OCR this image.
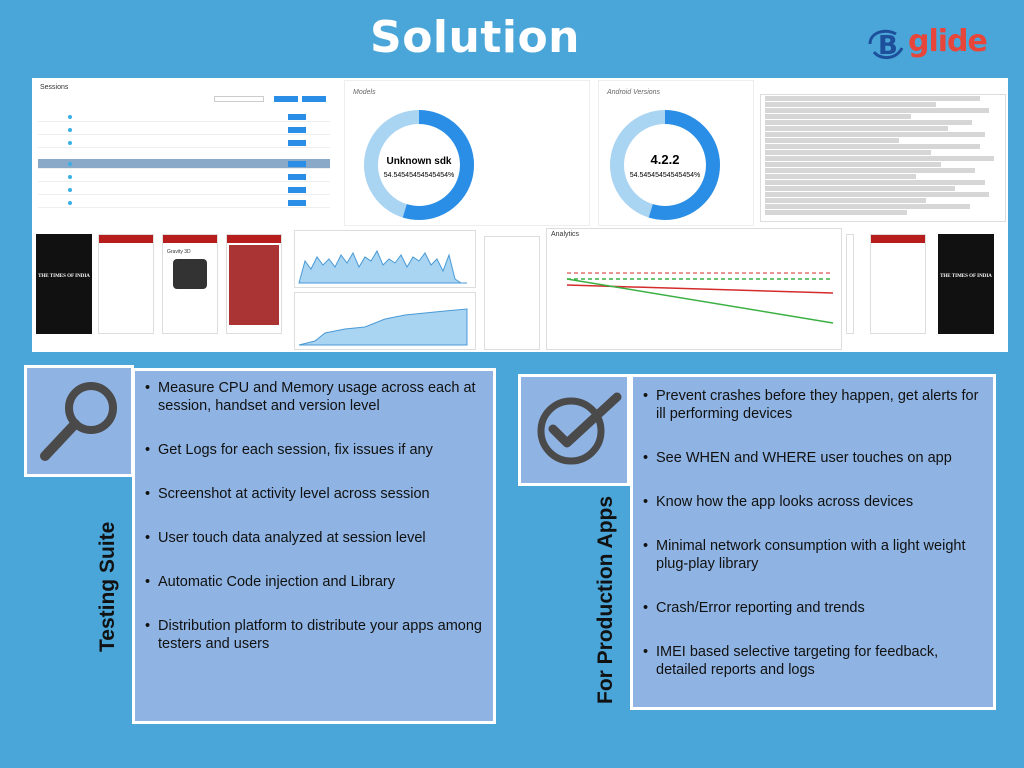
Solution	B glide
Sessions
Models
Unknown sdk
54.54545454545454%
Android Versions
4.2.2
54.54545454545454%
THE TIMES OF INDIA
Gravity 3D
Analytics
THE TIMES OF INDIA
Testing Suite
• Measure CPU and Memory usage across each at session, handset and version level
• Get Logs for each session, fix issues if any
• Screenshot at activity level across session
• User touch data analyzed at session level
• Automatic Code injection and Library
• Distribution platform to distribute your apps among testers and users	For Production Apps
• Prevent crashes before they happen, get alerts for ill performing devices
• See WHEN and WHERE user touches on app
• Know how the app looks across devices
• Minimal network consumption with a light weight plug-play library
• Crash/Error reporting and trends
• IMEI based selective targeting for feedback, detailed reports and logs
